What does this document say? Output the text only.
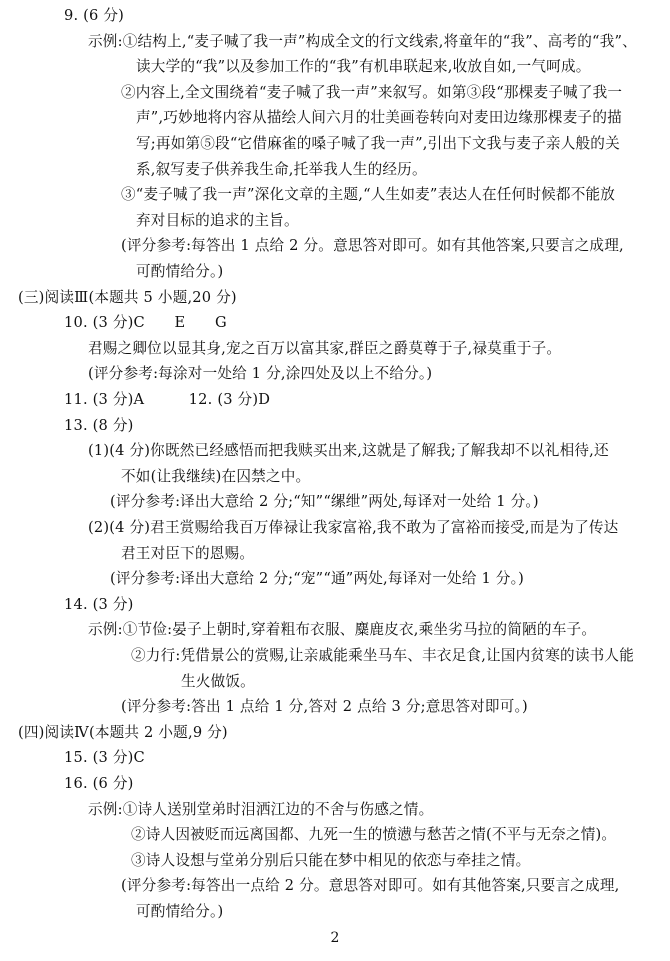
9. (6 分)
示例:①结构上,“麦子喊了我一声”构成全文的行文线索,将童年的“我”、高考的“我”、
读大学的“我”以及参加工作的“我”有机串联起来,收放自如,一气呵成。
②内容上,全文围绕着“麦子喊了我一声”来叙写。如第③段“那棵麦子喊了我一
声”,巧妙地将内容从描绘人间六月的壮美画卷转向对麦田边缘那棵麦子的描
写;再如第⑤段“它借麻雀的嗓子喊了我一声”,引出下文我与麦子亲人般的关
系,叙写麦子供养我生命,托举我人生的经历。
③“麦子喊了我一声”深化文章的主题,“人生如麦”表达人在任何时候都不能放
弃对目标的追求的主旨。
(评分参考:每答出 1 点给 2 分。意思答对即可。如有其他答案,只要言之成理,
可酌情给分。)
(三)阅读Ⅲ(本题共 5 小题,20 分)
10. (3 分)C　　E　　G
君赐之卿位以显其身,宠之百万以富其家,群臣之爵莫尊于子,禄莫重于子。
(评分参考:每涂对一处给 1 分,涂四处及以上不给分。)
11. (3 分)A　　　12. (3 分)D
13. (8 分)
(1)(4 分)你既然已经感悟而把我赎买出来,这就是了解我;了解我却不以礼相待,还
不如(让我继续)在囚禁之中。
(评分参考:译出大意给 2 分;“知”“缧绁”两处,每译对一处给 1 分。)
(2)(4 分)君王赏赐给我百万俸禄让我家富裕,我不敢为了富裕而接受,而是为了传达
君王对臣下的恩赐。
(评分参考:译出大意给 2 分;“宠”“通”两处,每译对一处给 1 分。)
14. (3 分)
示例:①节俭:晏子上朝时,穿着粗布衣服、麋鹿皮衣,乘坐劣马拉的简陋的车子。
②力行:凭借景公的赏赐,让亲戚能乘坐马车、丰衣足食,让国内贫寒的读书人能
生火做饭。
(评分参考:答出 1 点给 1 分,答对 2 点给 3 分;意思答对即可。)
(四)阅读Ⅳ(本题共 2 小题,9 分)
15. (3 分)C
16. (6 分)
示例:①诗人送别堂弟时泪洒江边的不舍与伤感之情。
②诗人因被贬而远离国都、九死一生的愤懑与愁苦之情(不平与无奈之情)。
③诗人设想与堂弟分别后只能在梦中相见的依恋与牵挂之情。
(评分参考:每答出一点给 2 分。意思答对即可。如有其他答案,只要言之成理,
可酌情给分。)
2
